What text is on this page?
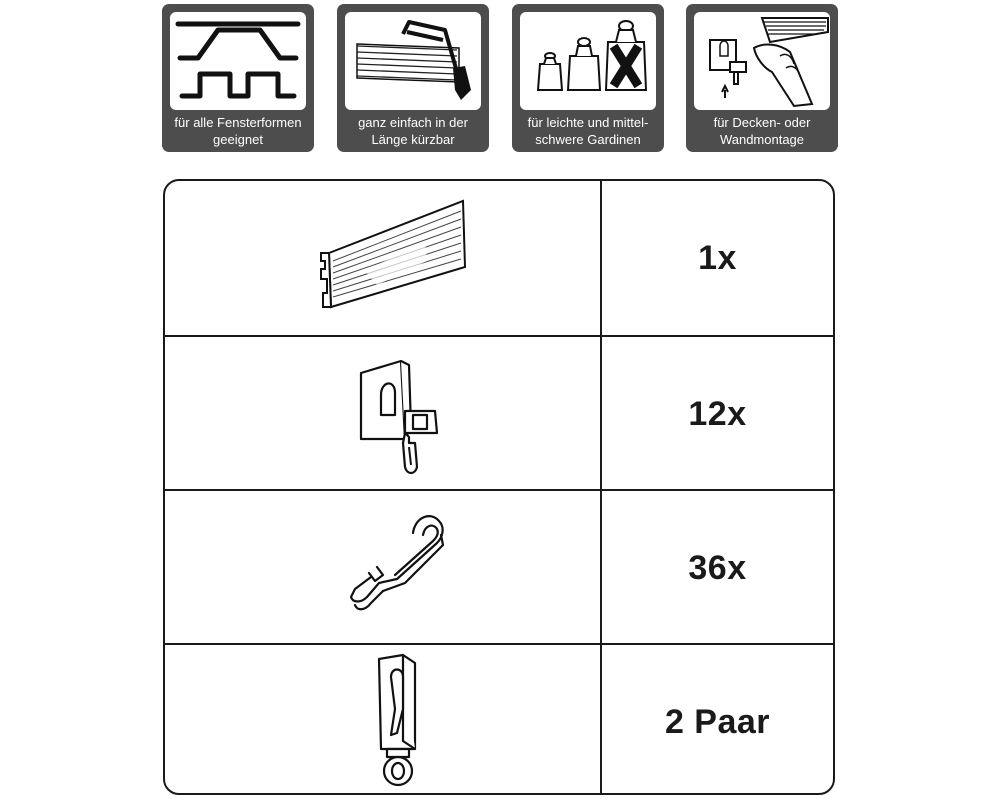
für alle Fensterformen
geeignet
ganz einfach in der
Länge kürzbar
für leichte und mittel-
schwere Gardinen
für Decken- oder
Wandmontage
1x
12x
36x
2 Paar
